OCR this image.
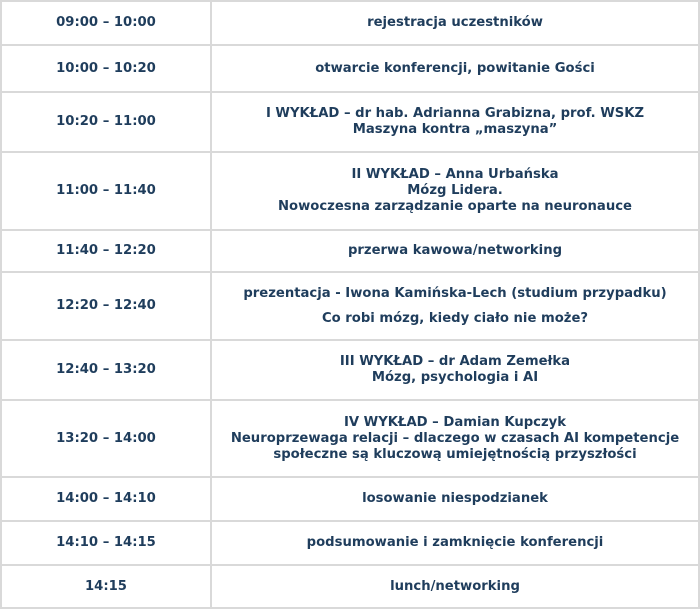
09:00 – 10:00	rejestracja uczestników

10:00 – 10:20	otwarcie konferencji, powitanie Gości

10:20 – 11:00	I WYKŁAD – dr hab. Adrianna Grabizna, prof. WSKZ
Maszyna kontra „maszyna”

11:00 – 11:40	II WYKŁAD – Anna Urbańska
Mózg Lidera.
Nowoczesna zarządzanie oparte na neuronauce

11:40 – 12:20	przerwa kawowa/networking

12:20 – 12:40	prezentacja - Iwona Kamińska-Lech (studium przypadku)
Co robi mózg, kiedy ciało nie może?

12:40 – 13:20	III WYKŁAD – dr Adam Zemełka
Mózg, psychologia i AI

13:20 – 14:00	IV WYKŁAD – Damian Kupczyk
Neuroprzewaga relacji – dlaczego w czasach AI kompetencje
społeczne są kluczową umiejętnością przyszłości

14:00 – 14:10	losowanie niespodzianek

14:10 – 14:15	podsumowanie i zamknięcie konferencji

14:15	lunch/networking
